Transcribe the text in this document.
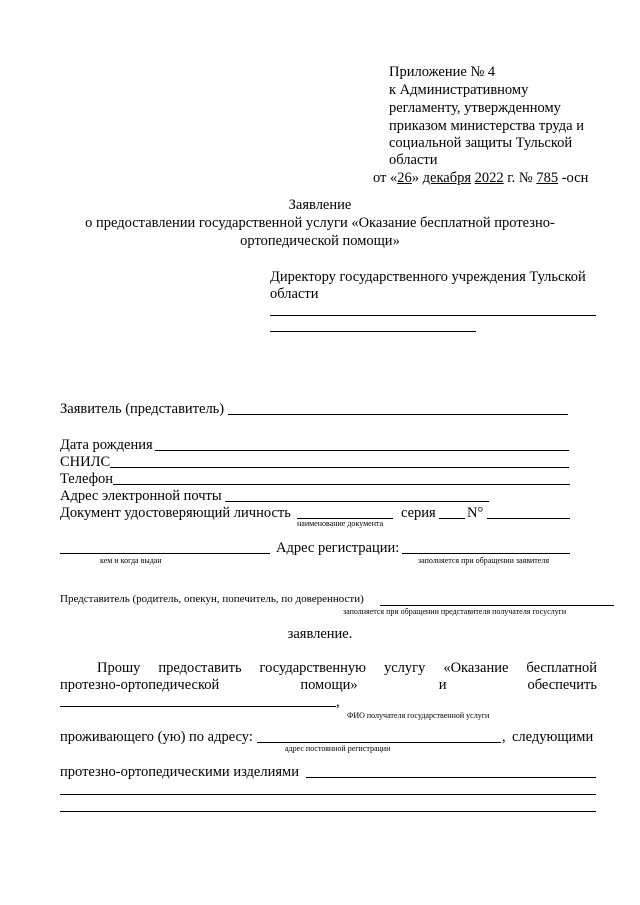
Приложение № 4
к Административному
регламенту, утвержденному
приказом министерства труда и
социальной защиты Тульской
области
от «26» декабря 2022 г. № 785 -осн
Заявление
о предоставлении государственной услуги «Оказание бесплатной протезно-
ортопедической помощи»
Директору государственного учреждения Тульской
области
Заявитель (представитель)
Дата рождения
СНИЛС
Телефон
Адрес электронной почты
Документ удостоверяющий личность
наименование документа
серия N°
кем и когда выдан
Адрес регистрации:
заполняется при обращении заявителя
Представитель (родитель, опекун, попечитель, по доверенности)
заполняется при обращении представителя получателя госуслуги
заявление.
Прошу предоставить государственную услугу «Оказание бесплатной
протезно-ортопедической	помощи»	и	обеспечить
,
ФИО получателя государственной услуги
проживающего (ую) по адресу:	, следующими
адрес постоянной регистрации
протезно-ортопедическими изделиями
